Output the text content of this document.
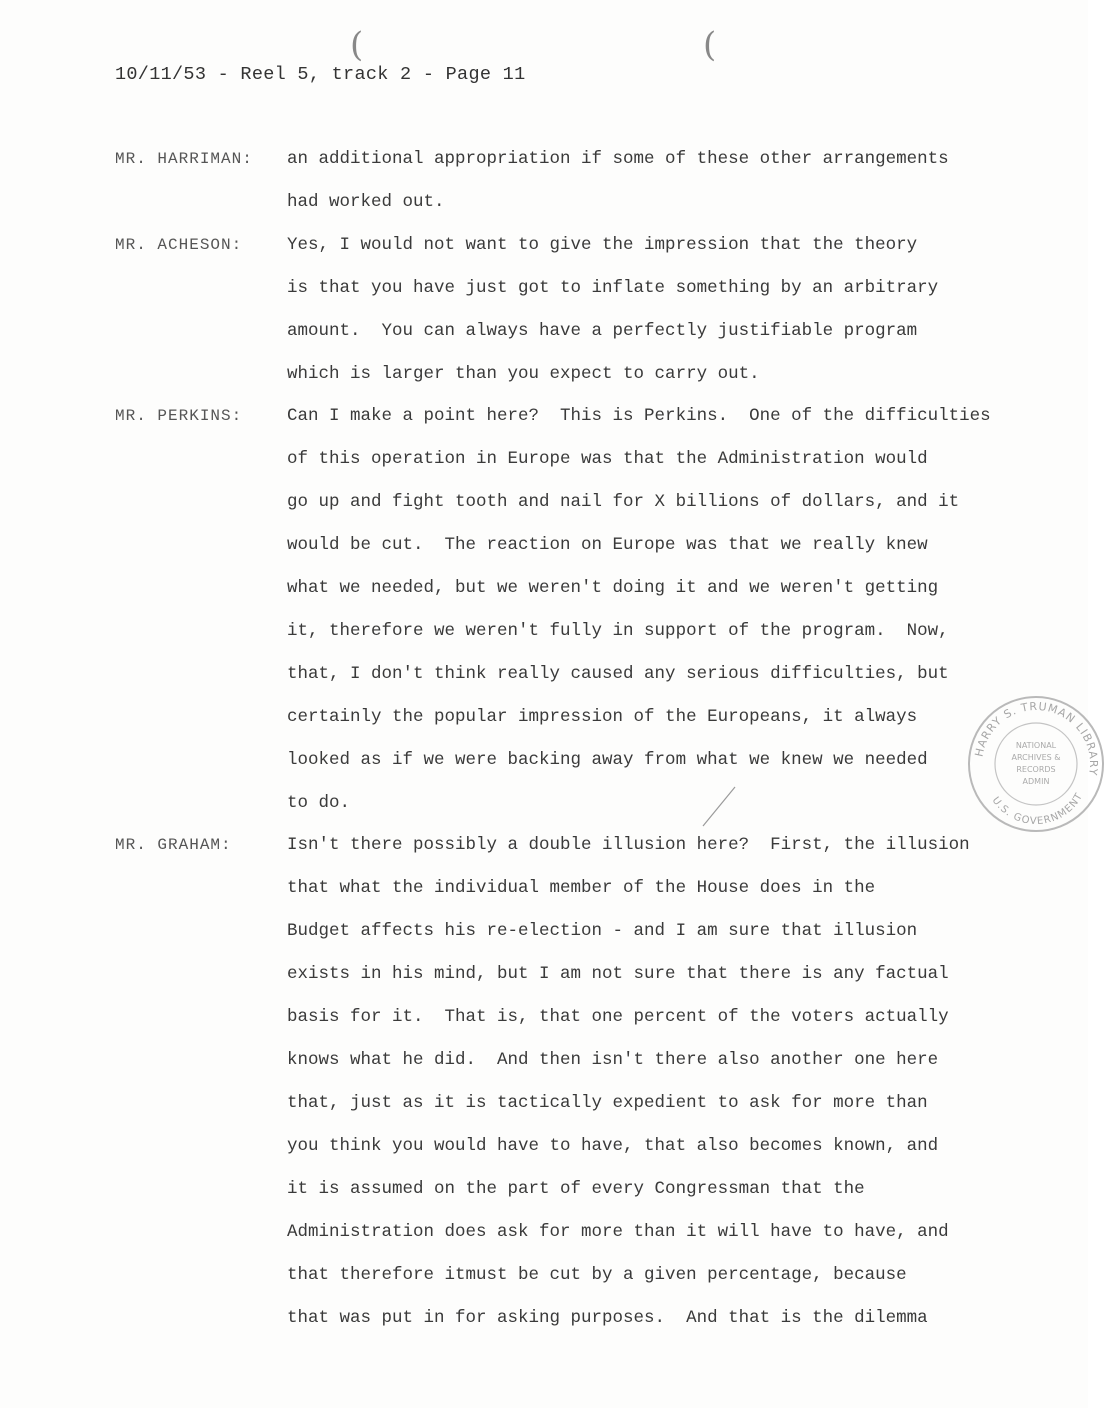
(	(
10/11/53 - Reel 5, track 2 - Page 11
MR. HARRIMAN: an additional appropriation if some of these other arrangements
had worked out.
MR. ACHESON:	Yes, I would not want to give the impression that the theory
is that you have just got to inflate something by an arbitrary
amount.  You can always have a perfectly justifiable program
which is larger than you expect to carry out.
MR. PERKINS:	Can I make a point here?  This is Perkins.  One of the difficulties
of this operation in Europe was that the Administration would
go up and fight tooth and nail for X billions of dollars, and it
would be cut.  The reaction on Europe was that we really knew
what we needed, but we weren't doing it and we weren't getting
it, therefore we weren't fully in support of the program.  Now,
that, I don't think really caused any serious difficulties, but
certainly the popular impression of the Europeans, it always
looked as if we were backing away from what we knew we needed
to do.
MR. GRAHAM:	Isn't there possibly a double illusion here?  First, the illusion
that what the individual member of the House does in the
Budget affects his re-election - and I am sure that illusion
exists in his mind, but I am not sure that there is any factual
basis for it.  That is, that one percent of the voters actually
knows what he did.  And then isn't there also another one here
that, just as it is tactically expedient to ask for more than
you think you would have to have, that also becomes known, and
it is assumed on the part of every Congressman that the
Administration does ask for more than it will have to have, and
that therefore itmust be cut by a given percentage, because
that was put in for asking purposes.  And that is the dilemma
HARRY S. TRUMAN LIBRARY
U.S. GOVERNMENT
NATIONAL
ARCHIVES &
RECORDS
ADMIN
